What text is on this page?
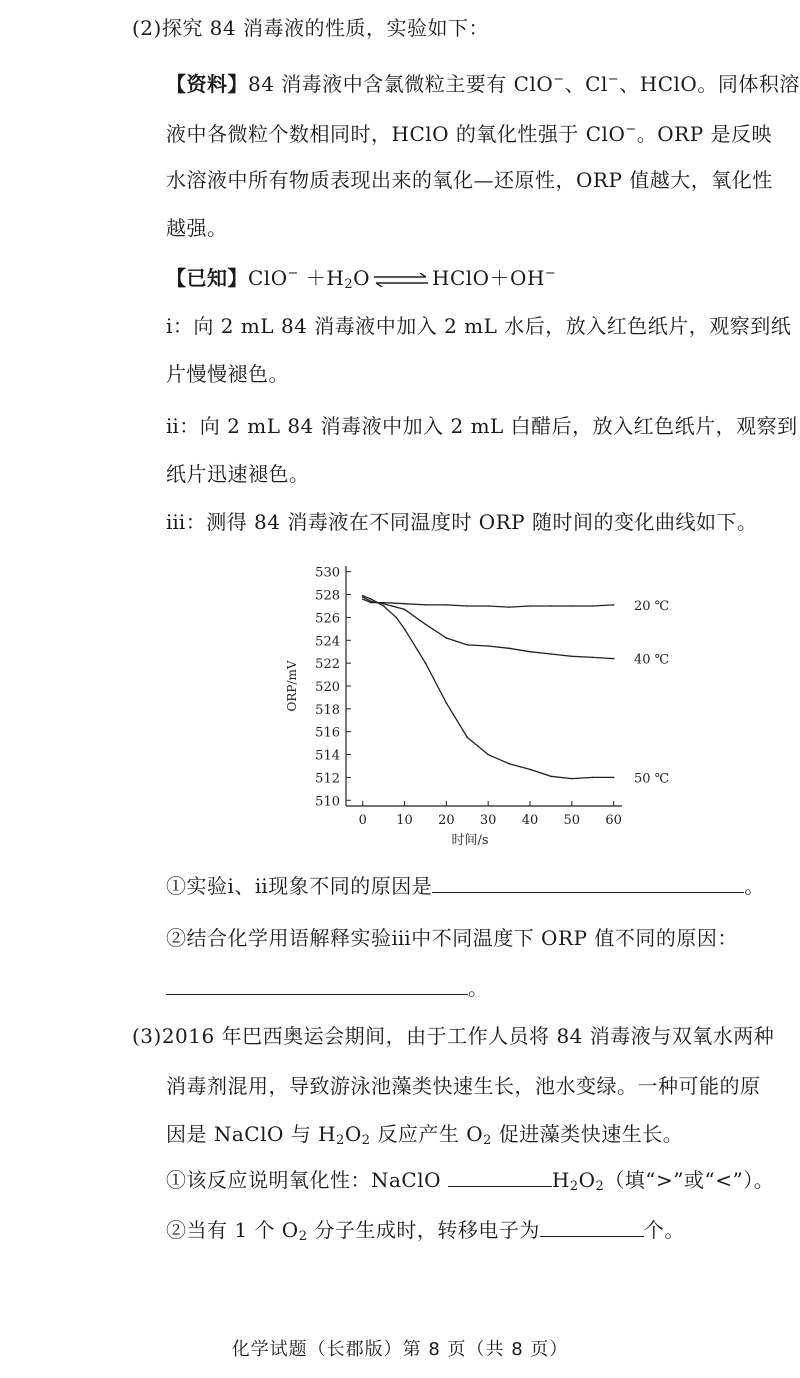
(2)探究 84 消毒液的性质，实验如下：
【资料】84 消毒液中含氯微粒主要有 ClO−、Cl−、HClO。同体积溶
液中各微粒个数相同时，HClO 的氧化性强于 ClO−。ORP 是反映
水溶液中所有物质表现出来的氧化—还原性，ORP 值越大，氧化性
越强。
【已知】$ClO^- +H_2O$ ⇌ HClO＋OH−
ⅰ：向 2 mL 84 消毒液中加入 2 mL 水后，放入红色纸片，观察到纸
片慢慢褪色。
ⅱ：向 2 mL 84 消毒液中加入 2 mL 白醋后，放入红色纸片，观察到
纸片迅速褪色。
ⅲ：测得 84 消毒液在不同温度时 ORP 随时间的变化曲线如下。
510
512
514
516
518
520
522
524
526
528
530
0 10 20 30 40 50 60
时间/s
ORP/mV
20 ℃
40 ℃
50 ℃
①实验ⅰ、ⅱ现象不同的原因是	。
②结合化学用语解释实验ⅲ中不同温度下 ORP 值不同的原因：
。
(3)2016 年巴西奥运会期间，由于工作人员将 84 消毒液与双氧水两种
消毒剂混用，导致游泳池藻类快速生长，池水变绿。一种可能的原
因是 NaClO 与 $H_2O_2$ 反应产生 $O_2$ 促进藻类快速生长。
①该反应说明氧化性：NaClO	$H_2O_2$（填“>”或“<”）。
②当有 1 个 $O_2$ 分子生成时，转移电子为	个。
化学试题（长郡版）第 8 页（共 8 页）
